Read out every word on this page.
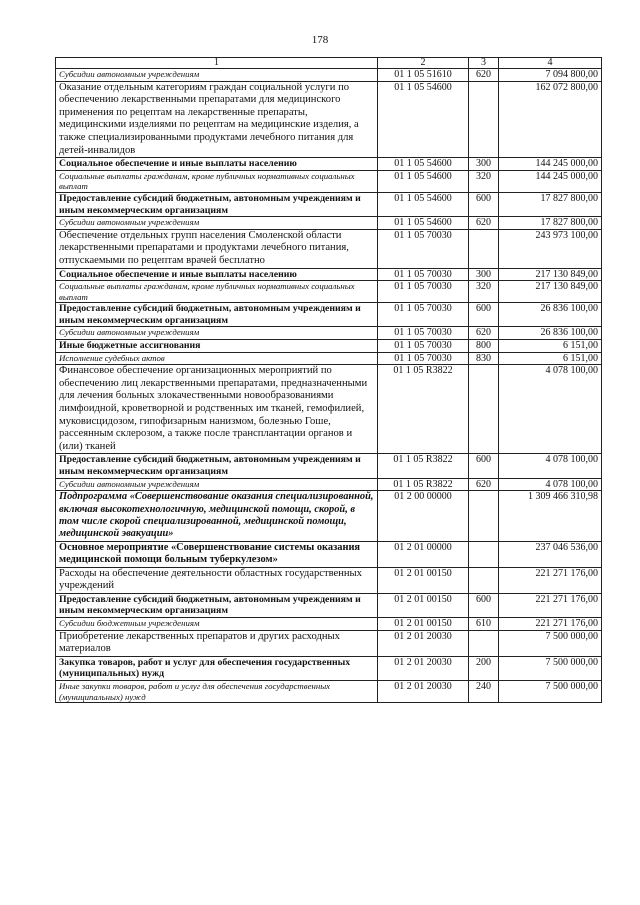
178
1	2	3	4
Субсидии автономным учреждениям	01 1 05 51610	620	7 094 800,00
Оказание отдельным категориям граждан социальной услуги по обеспечению лекарственными препаратами для медицинского применения по рецептам на лекарственные препараты, медицинскими изделиями по рецептам на медицинские изделия, а также специализированными продуктами лечебного питания для детей-инвалидов	01 1 05 54600		162 072 800,00
Социальное обеспечение и иные выплаты населению	01 1 05 54600	300	144 245 000,00
Социальные выплаты гражданам, кроме публичных нормативных социальных выплат	01 1 05 54600	320	144 245 000,00
Предоставление субсидий бюджетным, автономным учреждениям и иным некоммерческим организациям	01 1 05 54600	600	17 827 800,00
Субсидии автономным учреждениям	01 1 05 54600	620	17 827 800,00
Обеспечение отдельных групп населения Смоленской области лекарственными препаратами и продуктами лечебного питания, отпускаемыми по рецептам врачей бесплатно	01 1 05 70030		243 973 100,00
Социальное обеспечение и иные выплаты населению	01 1 05 70030	300	217 130 849,00
Социальные выплаты гражданам, кроме публичных нормативных социальных выплат	01 1 05 70030	320	217 130 849,00
Предоставление субсидий бюджетным, автономным учреждениям и иным некоммерческим организациям	01 1 05 70030	600	26 836 100,00
Субсидии автономным учреждениям	01 1 05 70030	620	26 836 100,00
Иные бюджетные ассигнования	01 1 05 70030	800	6 151,00
Исполнение судебных актов	01 1 05 70030	830	6 151,00
Финансовое обеспечение организационных мероприятий по обеспечению лиц лекарственными препаратами, предназначенными для лечения больных злокачественными новообразованиями лимфоидной, кроветворной и родственных им тканей, гемофилией, муковисцидозом, гипофизарным нанизмом, болезнью Гоше, рассеянным склерозом, а также после трансплантации органов и (или) тканей	01 1 05 R3822		4 078 100,00
Предоставление субсидий бюджетным, автономным учреждениям и иным некоммерческим организациям	01 1 05 R3822	600	4 078 100,00
Субсидии автономным учреждениям	01 1 05 R3822	620	4 078 100,00
Подпрограмма «Совершенствование оказания специализированной, включая высокотехнологичную, медицинской помощи, скорой, в том числе скорой специализированной, медицинской помощи, медицинской эвакуации»	01 2 00 00000		1 309 466 310,98
Основное мероприятие «Совершенствование системы оказания медицинской помощи больным туберкулезом»	01 2 01 00000		237 046 536,00
Расходы на обеспечение деятельности областных государственных учреждений	01 2 01 00150		221 271 176,00
Предоставление субсидий бюджетным, автономным учреждениям и иным некоммерческим организациям	01 2 01 00150	600	221 271 176,00
Субсидии бюджетным учреждениям	01 2 01 00150	610	221 271 176,00
Приобретение лекарственных препаратов и других расходных материалов	01 2 01 20030		7 500 000,00
Закупка товаров, работ и услуг для обеспечения государственных (муниципальных) нужд	01 2 01 20030	200	7 500 000,00
Иные закупки товаров, работ и услуг для обеспечения государственных (муниципальных) нужд	01 2 01 20030	240	7 500 000,00
